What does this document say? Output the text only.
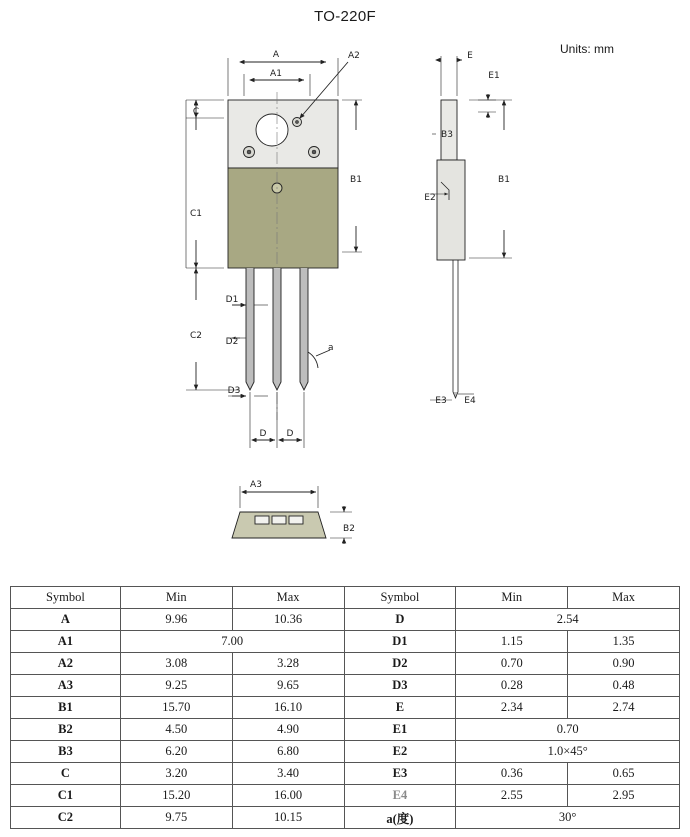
TO-220F
Units: mm
a
A
A1
A2
C
C1
C2
B1
D1
D2
D3
D D
E
E1
E2
B3
B1
E3 E4
A3
B2
Symbol	Min	Max	Symbol	Min	Max
A	9.96	10.36	D	2.54	
A1	7.00		D1	1.15	1.35
A2	3.08	3.28	D2	0.70	0.90
A3	9.25	9.65	D3	0.28	0.48
B1	15.70	16.10	E	2.34	2.74
B2	4.50	4.90	E1	0.70	
B3	6.20	6.80	E2	1.0×45°	
C	3.20	3.40	E3	0.36	0.65
C1	15.20	16.00	E4	2.55	2.95
C2	9.75	10.15	a(度)	30°	
